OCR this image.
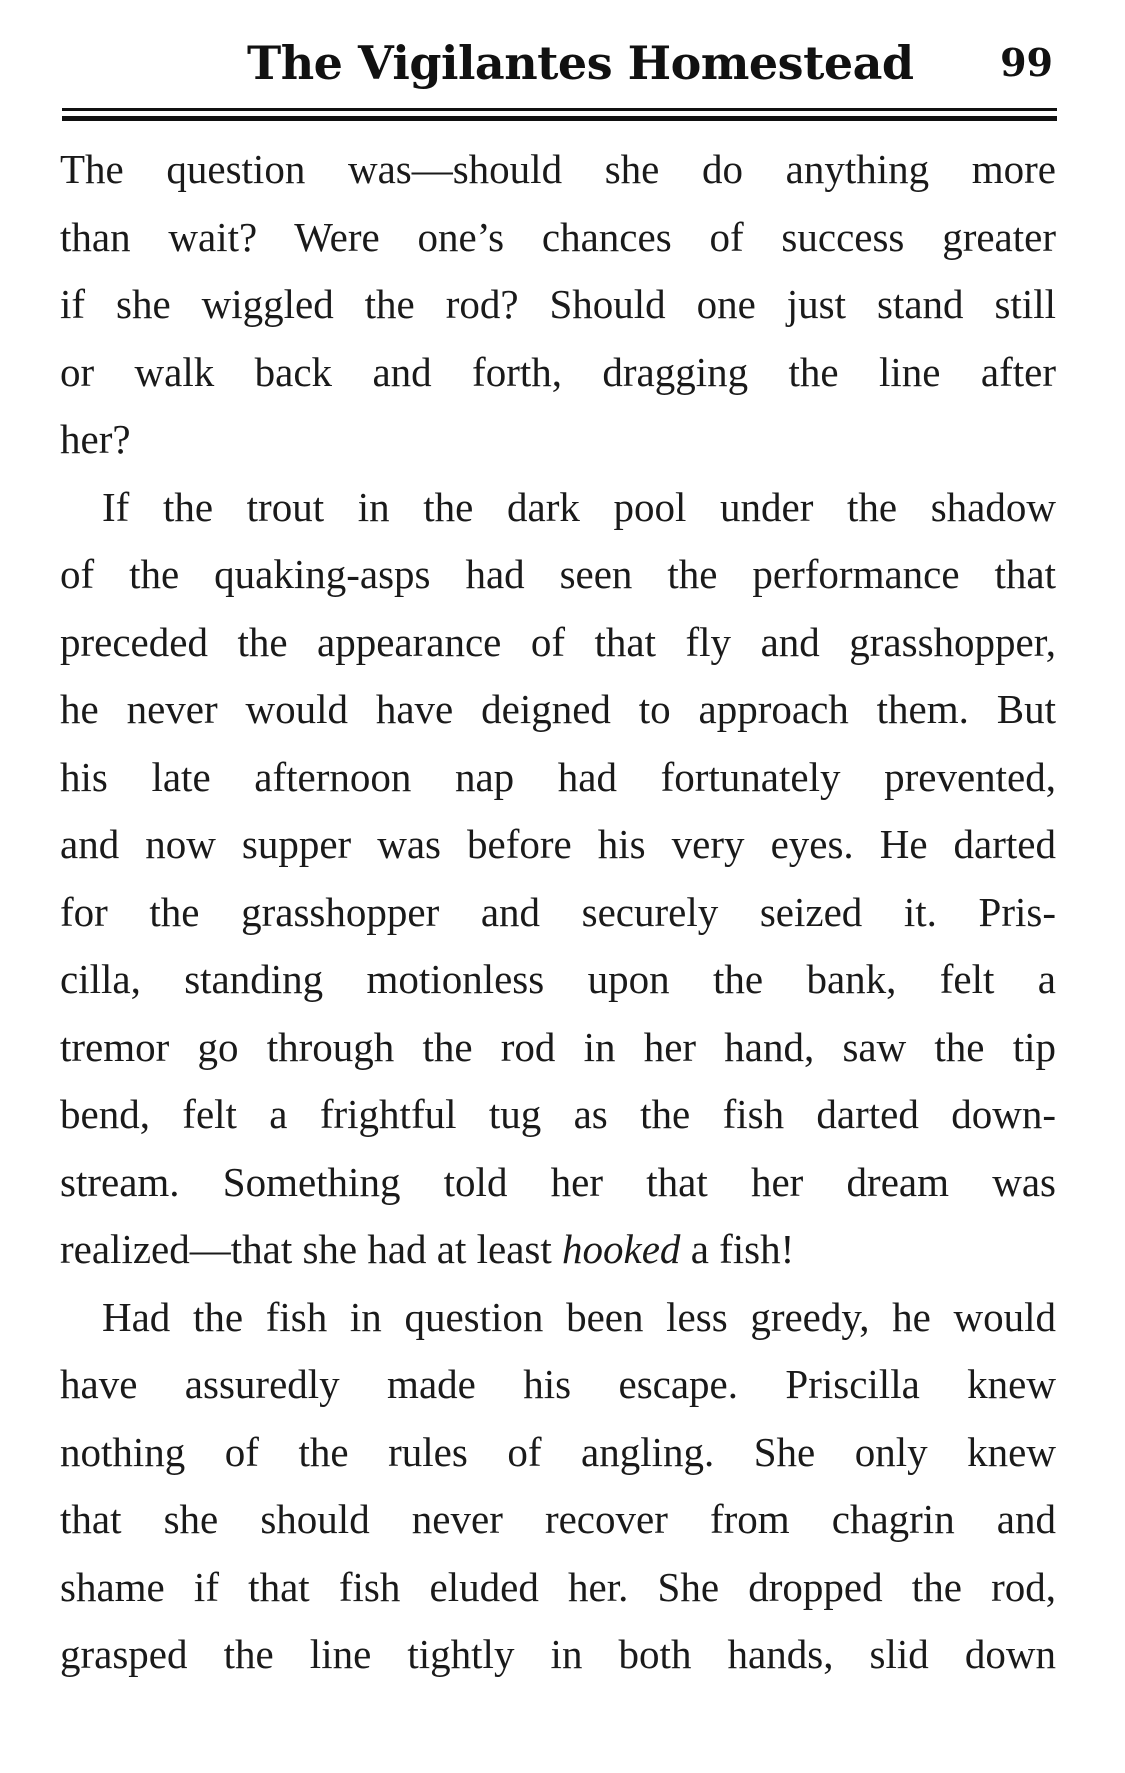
The Vigilantes Homestead 99
The question was—should she do anything more
than wait? Were one’s chances of success greater
if she wiggled the rod? Should one just stand still
or walk back and forth, dragging the line after
her?
If the trout in the dark pool under the shadow
of the quaking-asps had seen the performance that
preceded the appearance of that fly and grasshopper,
he never would have deigned to approach them. But
his late afternoon nap had fortunately prevented,
and now supper was before his very eyes. He darted
for the grasshopper and securely seized it. Pris-
cilla, standing motionless upon the bank, felt a
tremor go through the rod in her hand, saw the tip
bend, felt a frightful tug as the fish darted down-
stream. Something told her that her dream was
realized—that she had at least hooked a fish!
Had the fish in question been less greedy, he would
have assuredly made his escape. Priscilla knew
nothing of the rules of angling. She only knew
that she should never recover from chagrin and
shame if that fish eluded her. She dropped the rod,
grasped the line tightly in both hands, slid down
